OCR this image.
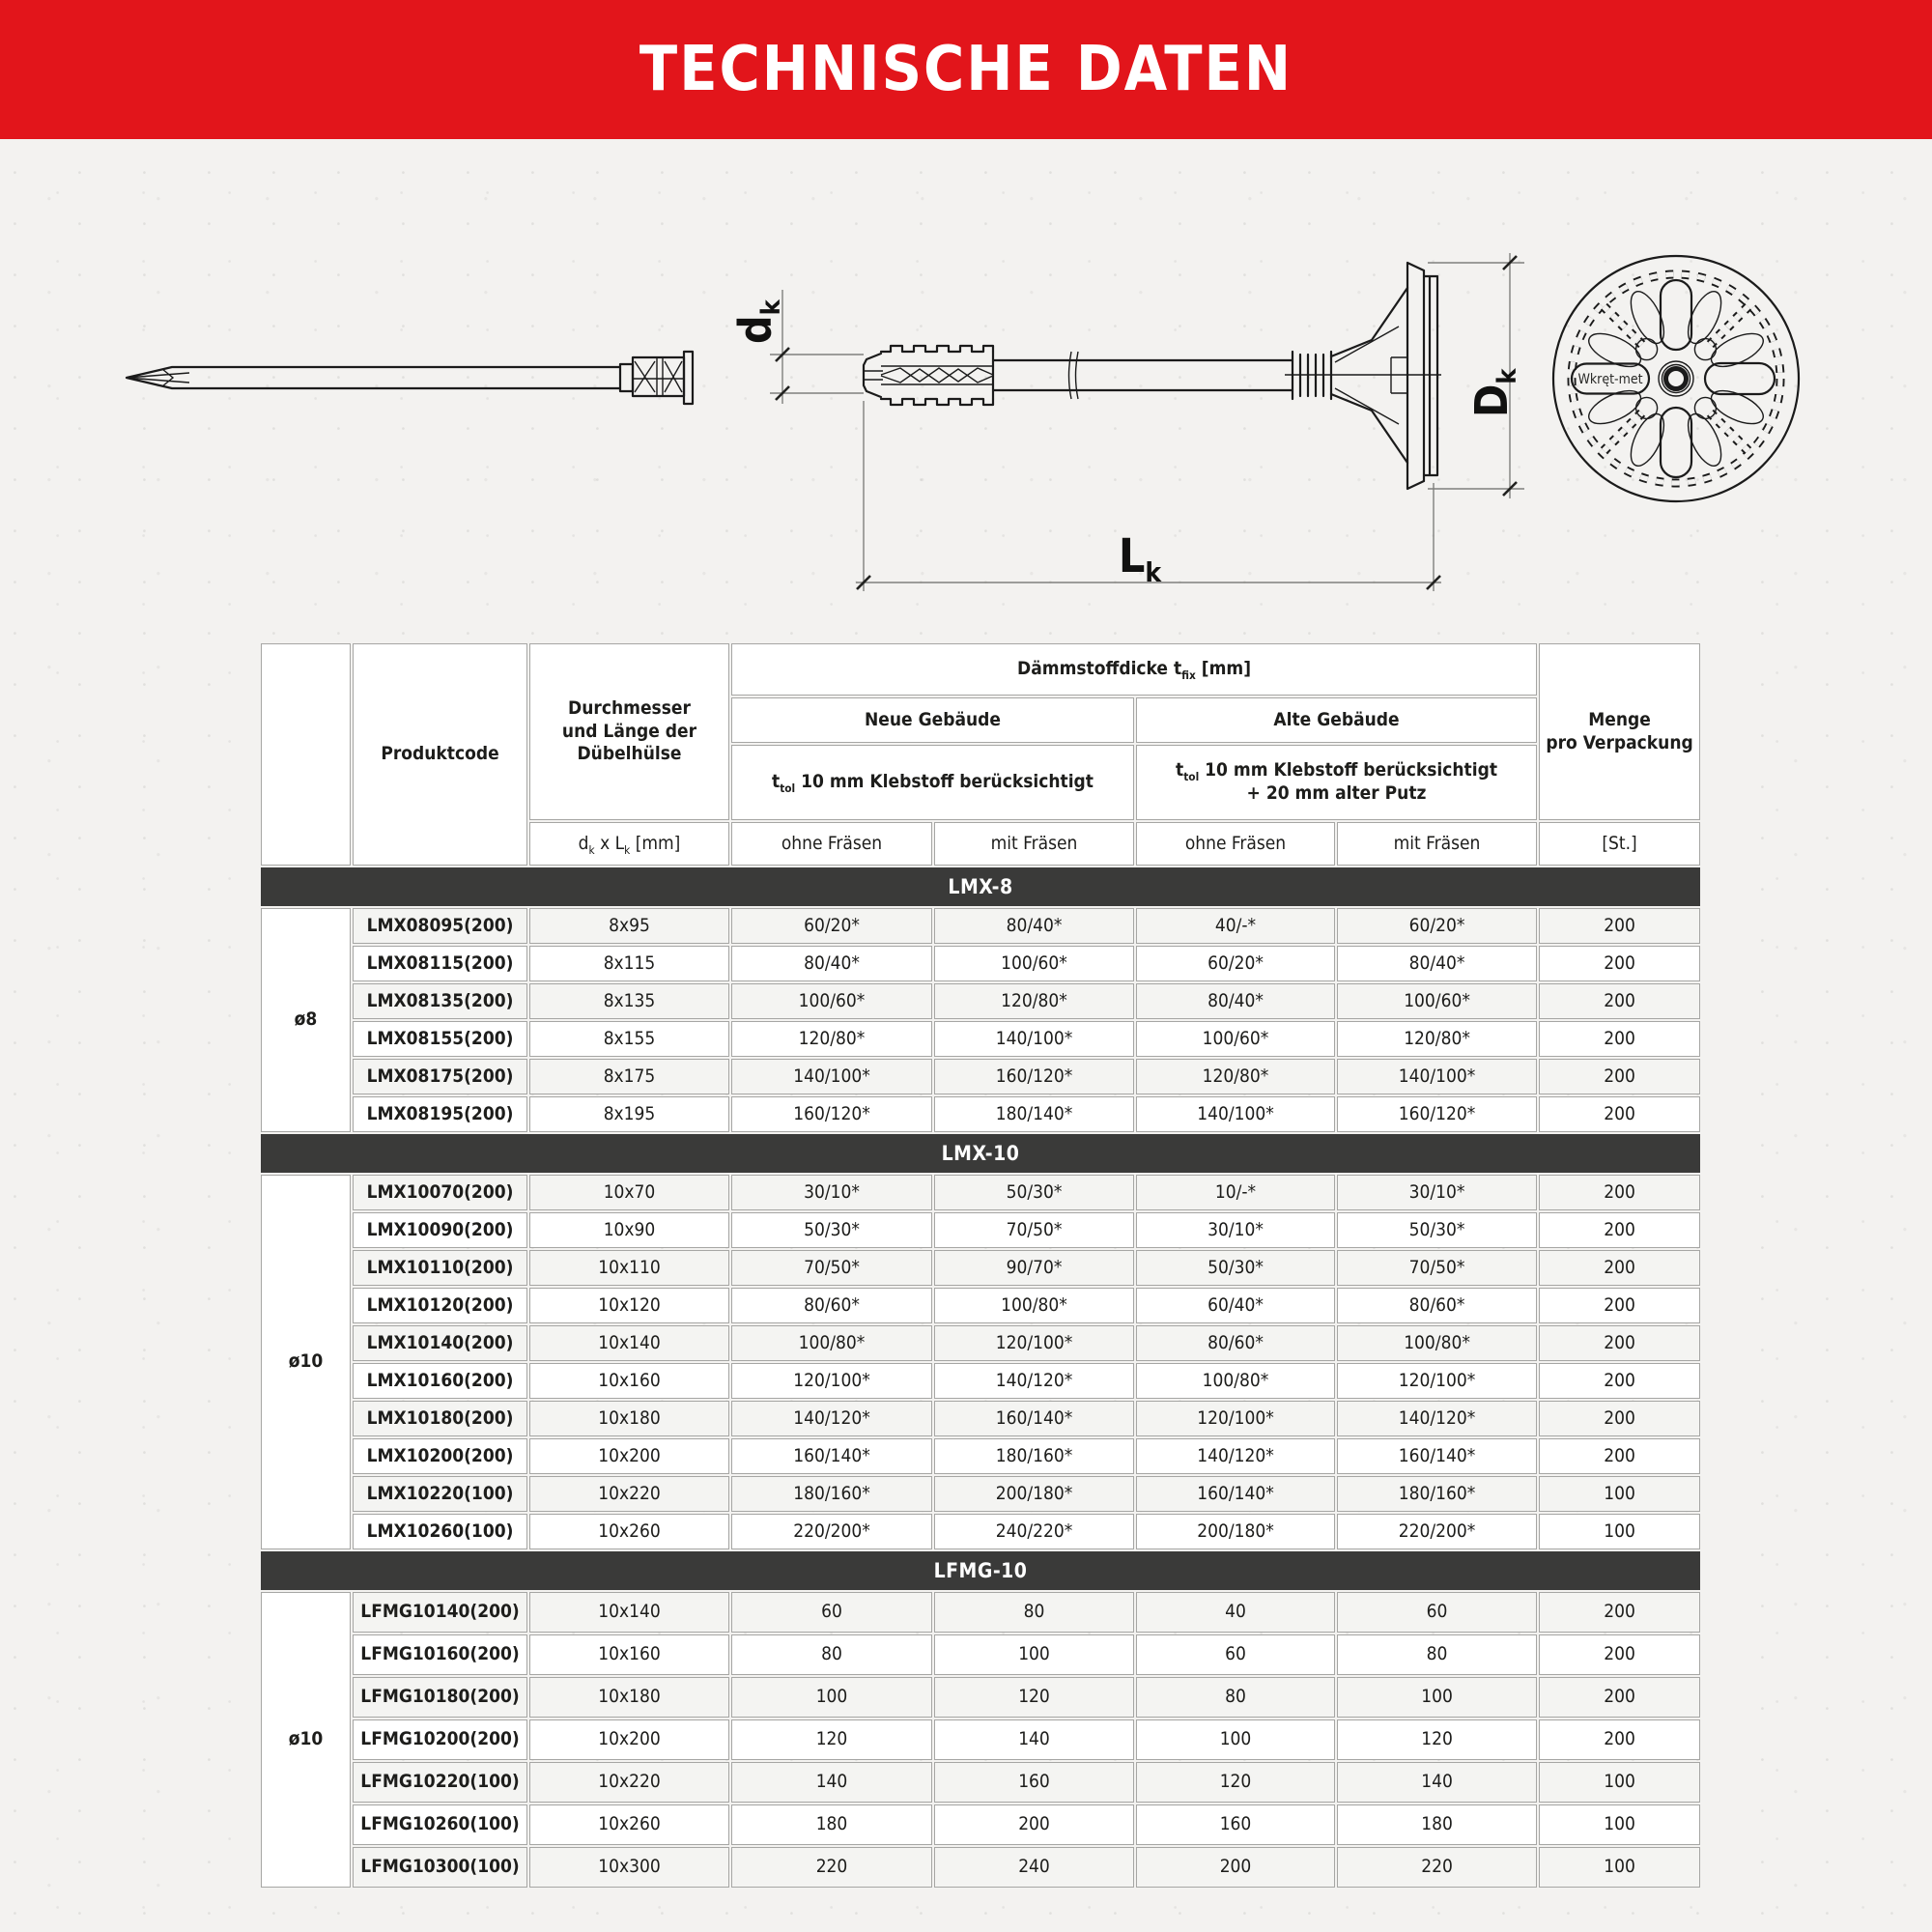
TECHNISCHE DATEN
dk
$L_k$
Dk	Wkręt-met
	Produktcode	
Durchmesser
und Länge der
Dübelhülse
	Dämmstoffdicke $t_{fix}$ [mm]	
Menge
pro Verpackung

			Neue Gebäude		Alte Gebäude		
			$t_{tol}$ 10 mm Klebstoff berücksichtigt		$t_{tol}$ 10 mm Klebstoff berücksichtigt
+ 20 mm alter Putz		

		$d_k$ x $L_k$ [mm]	ohne Fräsen	mit Fräsen	ohne Fräsen	mit Fräsen	[St.]
LMX-8							
ø8	LMX08095(200)	8x95	60/20*	80/40*	40/-*	60/20*	200
	LMX08115(200)	8x115	80/40*	100/60*	60/20*	80/40*	200
	LMX08135(200)	8x135	100/60*	120/80*	80/40*	100/60*	200
	LMX08155(200)	8x155	120/80*	140/100*	100/60*	120/80*	200
	LMX08175(200)	8x175	140/100*	160/120*	120/80*	140/100*	200
	LMX08195(200)	8x195	160/120*	180/140*	140/100*	160/120*	200
LMX-10							
ø10	LMX10070(200)	10x70	30/10*	50/30*	10/-*	30/10*	200
	LMX10090(200)	10x90	50/30*	70/50*	30/10*	50/30*	200
	LMX10110(200)	10x110	70/50*	90/70*	50/30*	70/50*	200
	LMX10120(200)	10x120	80/60*	100/80*	60/40*	80/60*	200
	LMX10140(200)	10x140	100/80*	120/100*	80/60*	100/80*	200
	LMX10160(200)	10x160	120/100*	140/120*	100/80*	120/100*	200
	LMX10180(200)	10x180	140/120*	160/140*	120/100*	140/120*	200
	LMX10200(200)	10x200	160/140*	180/160*	140/120*	160/140*	200
	LMX10220(100)	10x220	180/160*	200/180*	160/140*	180/160*	100
	LMX10260(100)	10x260	220/200*	240/220*	200/180*	220/200*	100
LFMG-10							
ø10	LFMG10140(200)	10x140	60	80	40	60	200
	LFMG10160(200)	10x160	80	100	60	80	200
	LFMG10180(200)	10x180	100	120	80	100	200
	LFMG10200(200)	10x200	120	140	100	120	200
	LFMG10220(100)	10x220	140	160	120	140	100
	LFMG10260(100)	10x260	180	200	160	180	100
	LFMG10300(100)	10x300	220	240	200	220	100
